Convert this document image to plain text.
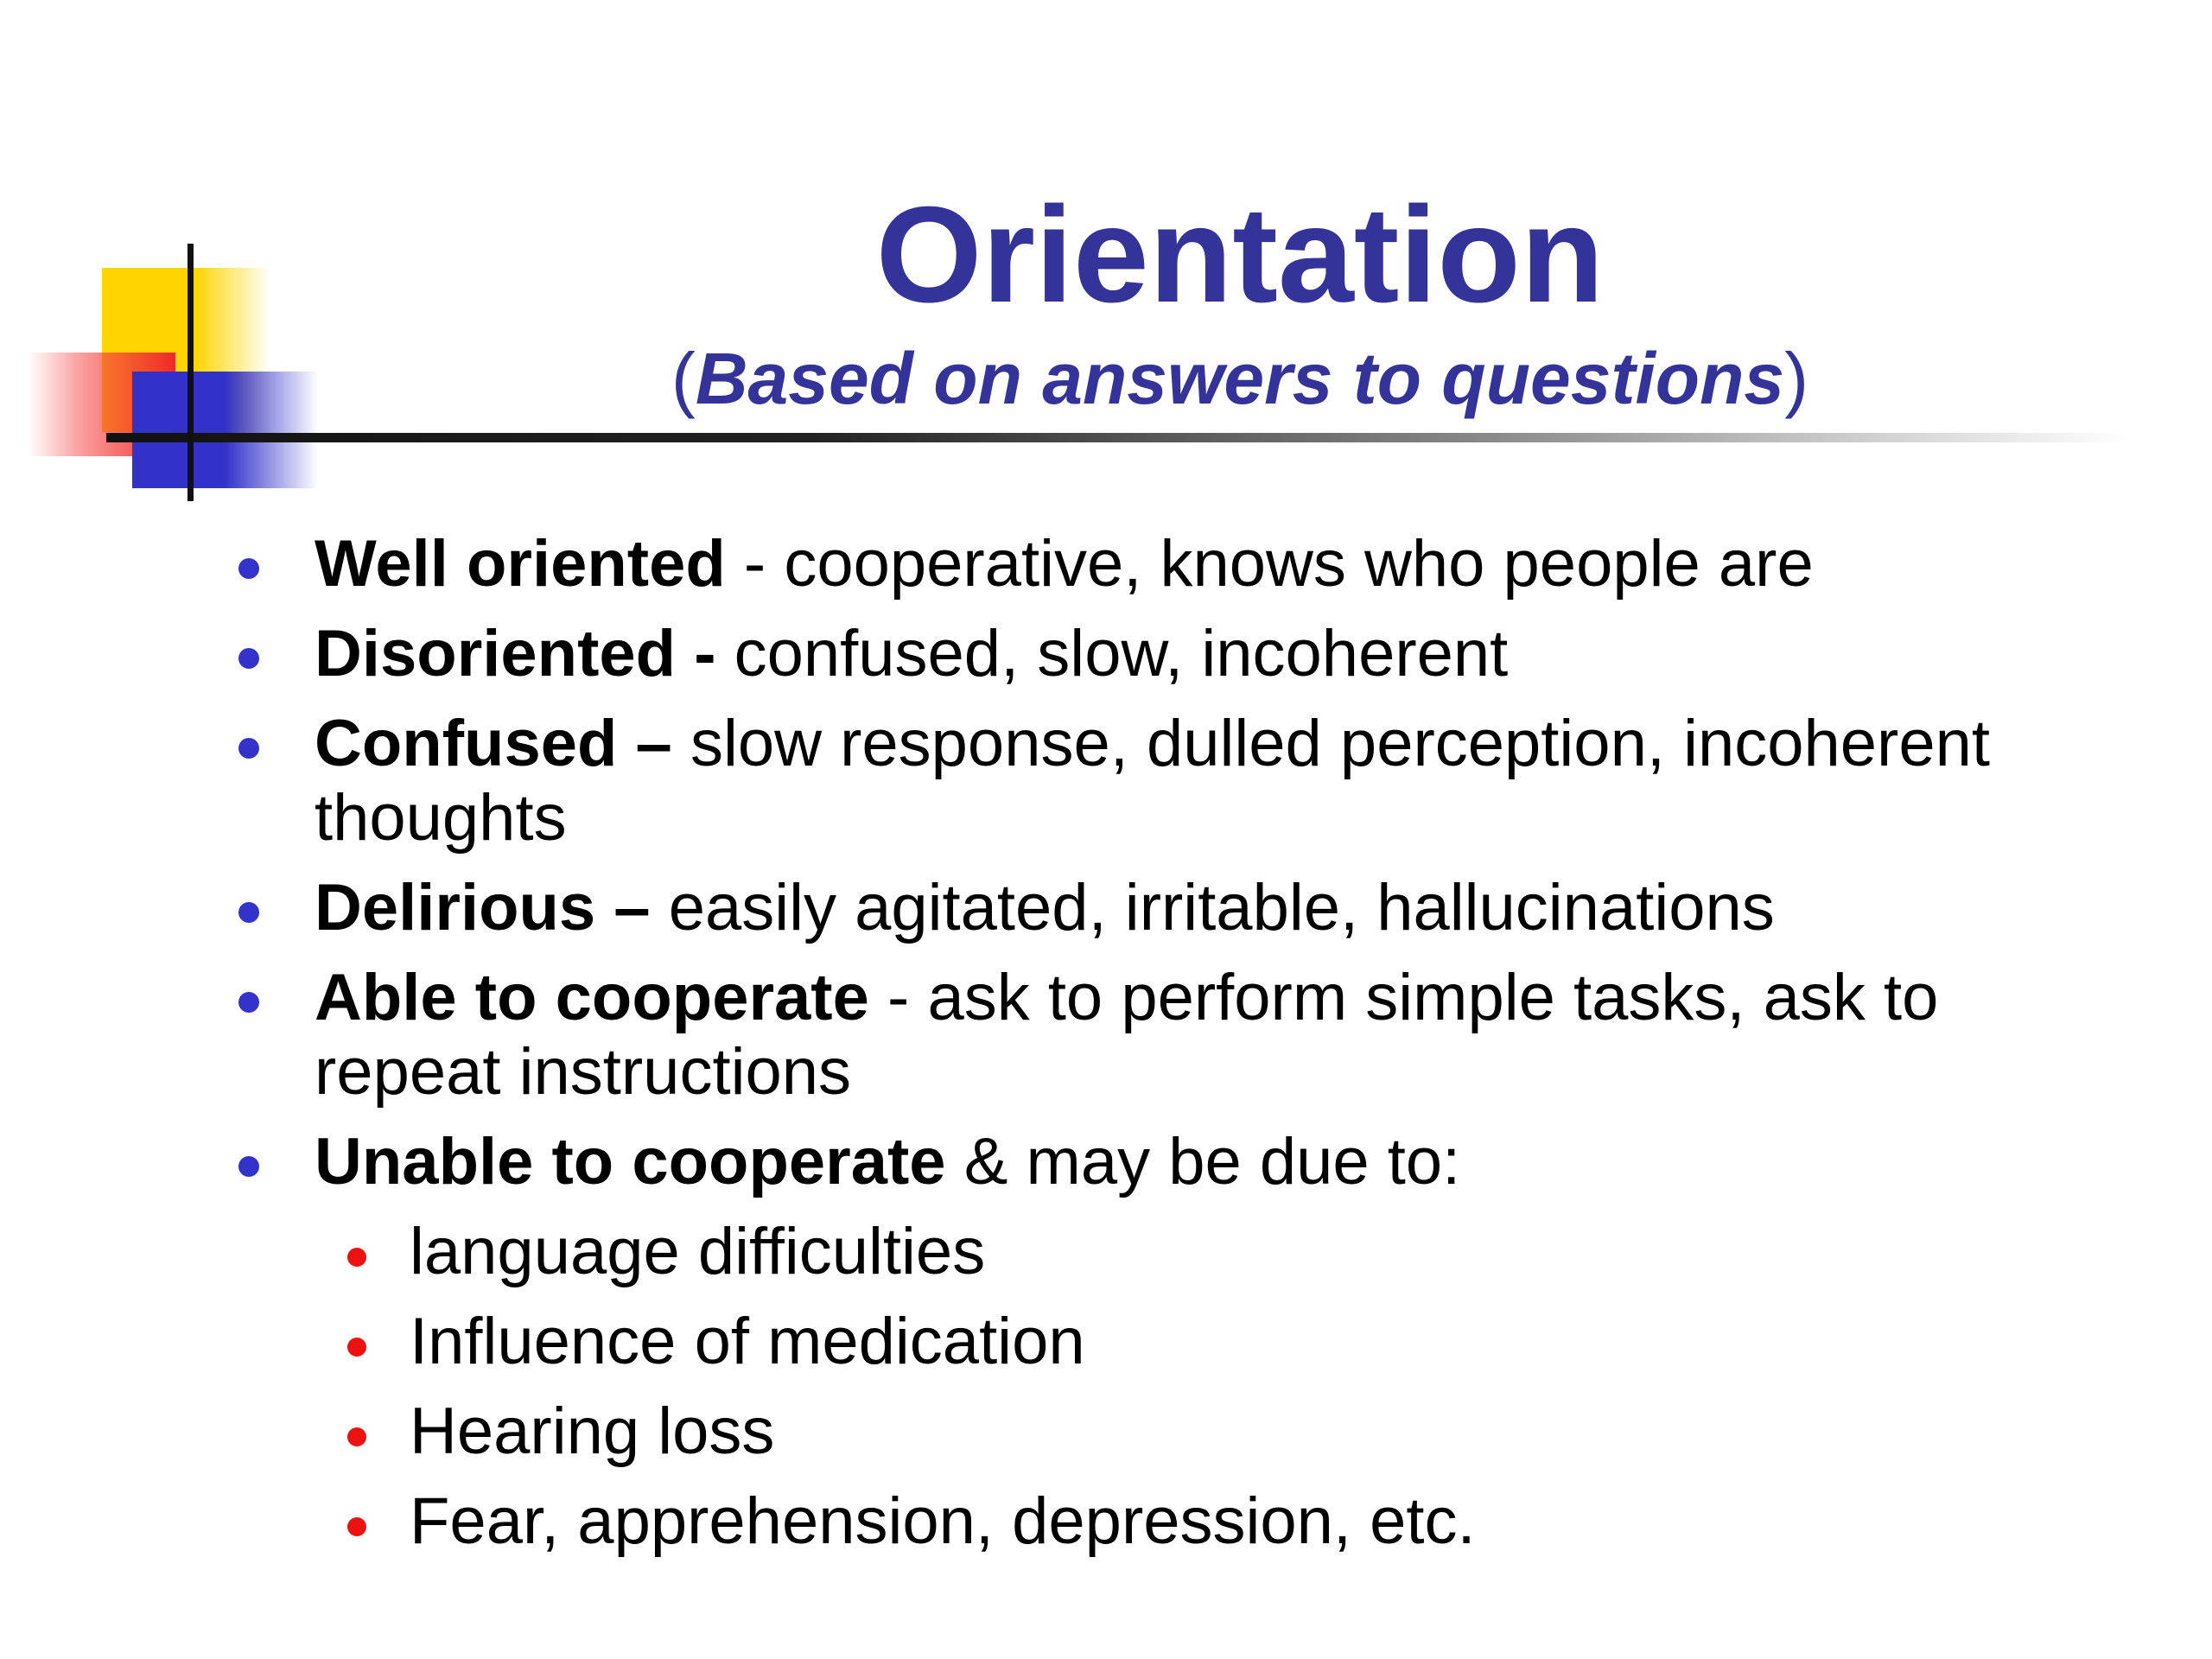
Orientation
(Based on answers to questions)
Well oriented - cooperative, knows who people are
Disoriented - confused, slow, incoherent
Confused – slow response, dulled perception, incoherent thoughts
Delirious – easily agitated, irritable, hallucinations
Able to cooperate - ask to perform simple tasks, ask to repeat instructions
Unable to cooperate & may be due to:
language difficulties
Influence of medication
Hearing loss
Fear, apprehension, depression, etc.
